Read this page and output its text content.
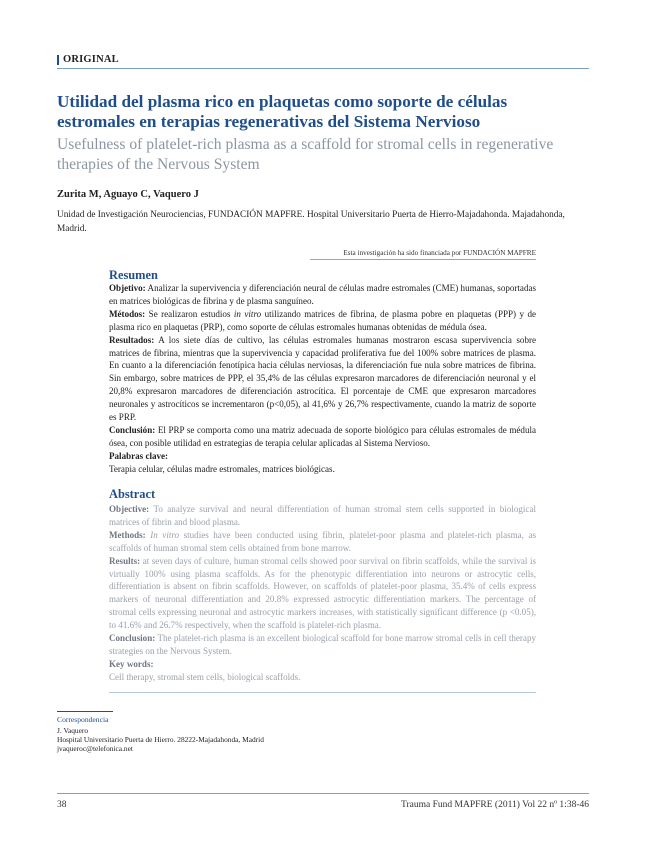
ORIGINAL
Utilidad del plasma rico en plaquetas como soporte de células estromales en terapias regenerativas del Sistema Nervioso
Usefulness of platelet-rich plasma as a scaffold for stromal cells in regenerative therapies of the Nervous System
Zurita M, Aguayo C, Vaquero J
Unidad de Investigación Neurociencias, FUNDACIÓN MAPFRE. Hospital Universitario Puerta de Hierro-Majadahonda. Majadahonda, Madrid.
Esta investigación ha sido financiada por FUNDACIÓN MAPFRE
Resumen

Objetivo: Analizar la supervivencia y diferenciación neural de células madre estromales (CME) humanas, soportadas en matrices biológicas de fibrina y de plasma sanguíneo.

Métodos: Se realizaron estudios in vitro utilizando matrices de fibrina, de plasma pobre en plaquetas (PPP) y de plasma rico en plaquetas (PRP), como soporte de células estromales humanas obtenidas de médula ósea.

Resultados: A los siete días de cultivo, las células estromales humanas mostraron escasa supervivencia sobre matrices de fibrina, mientras que la supervivencia y capacidad proliferativa fue del 100% sobre matrices de plasma. En cuanto a la diferenciación fenotípica hacia células nerviosas, la diferenciación fue nula sobre matrices de fibrina. Sin embargo, sobre matrices de PPP, el 35,4% de las células expresaron marcadores de diferenciación neuronal y el 20,8% expresaron marcadores de diferenciación astrocítica. El porcentaje de CME que expresaron marcadores neuronales y astrocíticos se incrementaron (p<0,05), al 41,6% y 26,7% respectivamente, cuando la matriz de soporte es PRP.

Conclusión: El PRP se comporta como una matriz adecuada de soporte biológico para células estromales de médula ósea, con posible utilidad en estrategias de terapia celular aplicadas al Sistema Nervioso.

Palabras clave:

Terapia celular, células madre estromales, matrices biológicas.

Abstract

Objective: To analyze survival and neural differentiation of human stromal stem cells supported in biological matrices of fibrin and blood plasma.

Methods: In vitro studies have been conducted using fibrin, platelet-poor plasma and platelet-rich plasma, as scaffolds of human stromal stem cells obtained from bone marrow.

Results: at seven days of culture, human stromal cells showed poor survival on fibrin scaffolds, while the survival is virtually 100% using plasma scaffolds. As for the phenotypic differentiation into neurons or astrocytic cells, differentiation is absent on fibrin scaffolds. However, on scaffolds of platelet-poor plasma, 35.4% of cells express markers of neuronal differentiation and 20.8% expressed astrocytic differentiation markers. The percentage of stromal cells expressing neuronal and astrocytic markers increases, with statistically significant difference (p <0.05), to 41.6% and 26.7% respectively, when the scaffold is platelet-rich plasma.

Conclusion: The platelet-rich plasma is an excellent biological scaffold for bone marrow stromal cells in cell therapy strategies on the Nervous System.

Key words:

Cell therapy, stromal stem cells, biological scaffolds.

Correspondencia
J. Vaquero
Hospital Universitario Puerta de Hierro. 28222-Majadahonda, Madrid
jvaqueroc@telefonica.net
38	Trauma Fund MAPFRE (2011) Vol 22 nº 1:38-46
